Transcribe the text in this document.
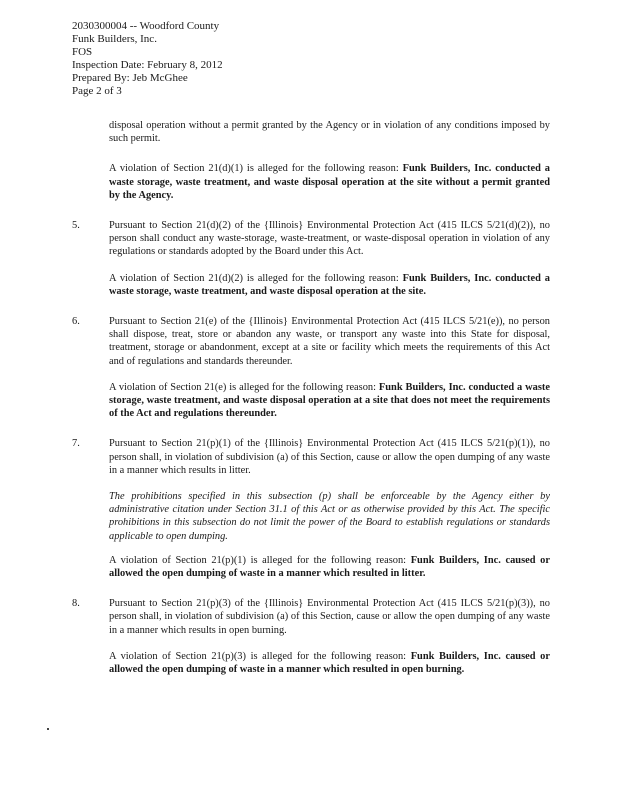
2030300004 -- Woodford County
Funk Builders, Inc.
FOS
Inspection Date: February 8, 2012
Prepared By: Jeb McGhee
Page 2 of 3

disposal operation without a permit granted by the Agency or in violation of any conditions imposed by such permit.

A violation of Section 21(d)(1) is alleged for the following reason: Funk Builders, Inc. conducted a waste storage, waste treatment, and waste disposal operation at the site without a permit granted by the Agency.

5.	Pursuant to Section 21(d)(2) of the {Illinois} Environmental Protection Act (415 ILCS 5/21(d)(2)), no person shall conduct any waste-storage, waste-treatment, or waste-disposal operation in violation of any regulations or standards adopted by the Board under this Act.

A violation of Section 21(d)(2) is alleged for the following reason: Funk Builders, Inc. conducted a waste storage, waste treatment, and waste disposal operation at the site.

6.	Pursuant to Section 21(e) of the {Illinois} Environmental Protection Act (415 ILCS 5/21(e)), no person shall dispose, treat, store or abandon any waste, or transport any waste into this State for disposal, treatment, storage or abandonment, except at a site or facility which meets the requirements of this Act and of regulations and standards thereunder.

A violation of Section 21(e) is alleged for the following reason: Funk Builders, Inc. conducted a waste storage, waste treatment, and waste disposal operation at a site that does not meet the requirements of the Act and regulations thereunder.

7.	Pursuant to Section 21(p)(1) of the {Illinois} Environmental Protection Act (415 ILCS 5/21(p)(1)), no person shall, in violation of subdivision (a) of this Section, cause or allow the open dumping of any waste in a manner which results in litter.

The prohibitions specified in this subsection (p) shall be enforceable by the Agency either by administrative citation under Section 31.1 of this Act or as otherwise provided by this Act. The specific prohibitions in this subsection do not limit the power of the Board to establish regulations or standards applicable to open dumping.

A violation of Section 21(p)(1) is alleged for the following reason: Funk Builders, Inc. caused or allowed the open dumping of waste in a manner which resulted in litter.

8.	Pursuant to Section 21(p)(3) of the {Illinois} Environmental Protection Act (415 ILCS 5/21(p)(3)), no person shall, in violation of subdivision (a) of this Section, cause or allow the open dumping of any waste in a manner which results in open burning.

A violation of Section 21(p)(3) is alleged for the following reason: Funk Builders, Inc. caused or allowed the open dumping of waste in a manner which resulted in open burning.
